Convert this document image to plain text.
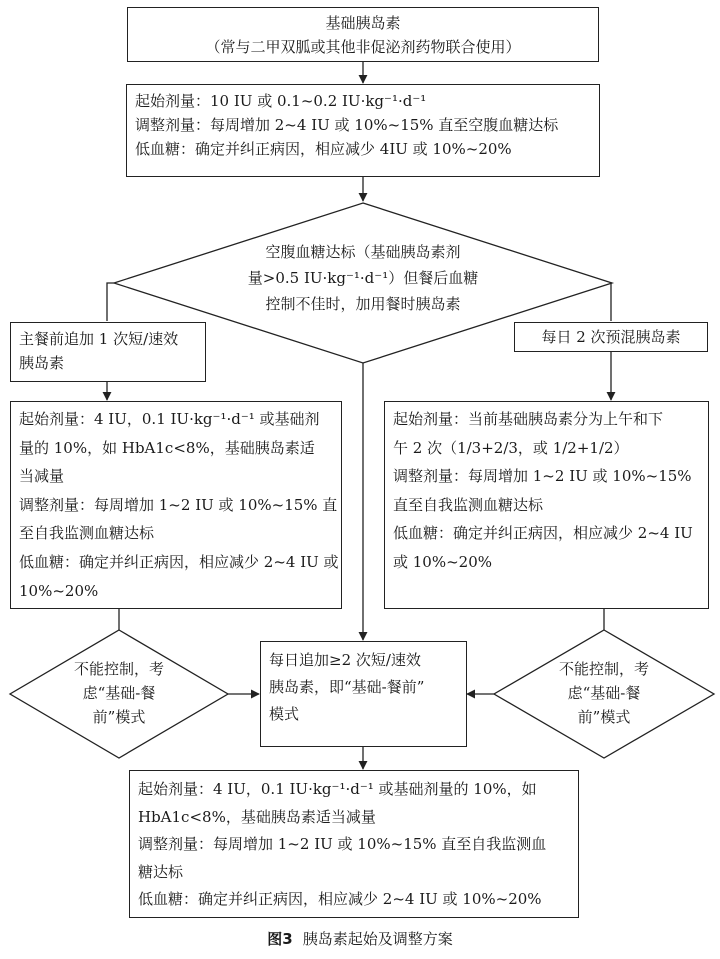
基础胰岛素
（常与二甲双胍或其他非促泌剂药物联合使用）
起始剂量：10 IU 或 0.1~0.2 IU·kg⁻¹·d⁻¹
调整剂量：每周增加 2~4 IU 或 10%~15% 直至空腹血糖达标
低血糖：确定并纠正病因，相应减少 4IU 或 10%~20%
空腹血糖达标（基础胰岛素剂
量>0.5 IU·kg⁻¹·d⁻¹）但餐后血糖
控制不佳时，加用餐时胰岛素
主餐前追加 1 次短/速效
胰岛素
每日 2 次预混胰岛素
起始剂量：4 IU，0.1 IU·kg⁻¹·d⁻¹ 或基础剂
量的 10%，如 HbA1c<8%，基础胰岛素适
当减量
调整剂量：每周增加 1~2 IU 或 10%~15% 直
至自我监测血糖达标
低血糖：确定并纠正病因，相应减少 2~4 IU 或
10%~20%
起始剂量：当前基础胰岛素分为上午和下
午 2 次（1/3+2/3，或 1/2+1/2）
调整剂量：每周增加 1~2 IU 或 10%~15%
直至自我监测血糖达标
低血糖：确定并纠正病因，相应减少 2~4 IU
或 10%~20%
不能控制，考
虑“基础-餐
前”模式
不能控制，考
虑“基础-餐
前”模式
每日追加≥2 次短/速效
胰岛素，即“基础-餐前”
模式
起始剂量：4 IU，0.1 IU·kg⁻¹·d⁻¹ 或基础剂量的 10%，如
HbA1c<8%，基础胰岛素适当减量
调整剂量：每周增加 1~2 IU 或 10%~15% 直至自我监测血
糖达标
低血糖：确定并纠正病因，相应减少 2~4 IU 或 10%~20%
图3 胰岛素起始及调整方案
